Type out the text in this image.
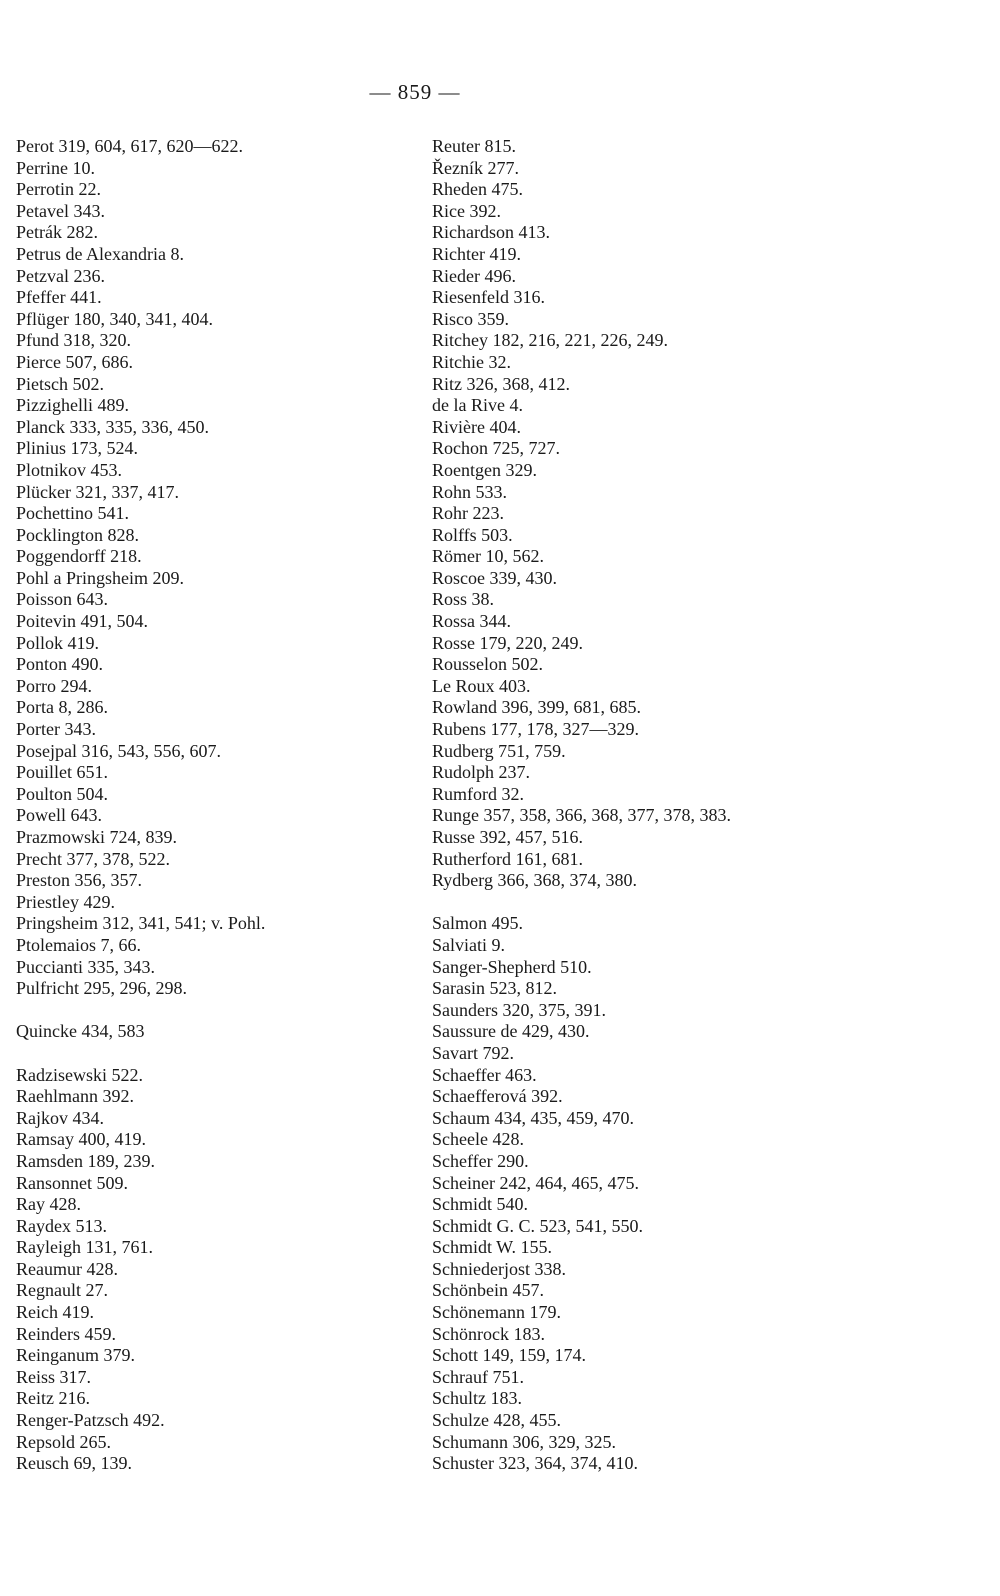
— 859 —
Perot 319, 604, 617, 620—622.
Perrine 10.
Perrotin 22.
Petavel 343.
Petrák 282.
Petrus de Alexandria 8.
Petzval 236.
Pfeffer 441.
Pflüger 180, 340, 341, 404.
Pfund 318, 320.
Pierce 507, 686.
Pietsch 502.
Pizzighelli 489.
Planck 333, 335, 336, 450.
Plinius 173, 524.
Plotnikov 453.
Plücker 321, 337, 417.
Pochettino 541.
Pocklington 828.
Poggendorff 218.
Pohl a Pringsheim 209.
Poisson 643.
Poitevin 491, 504.
Pollok 419.
Ponton 490.
Porro 294.
Porta 8, 286.
Porter 343.
Posejpal 316, 543, 556, 607.
Pouillet 651.
Poulton 504.
Powell 643.
Prazmowski 724, 839.
Precht 377, 378, 522.
Preston 356, 357.
Priestley 429.
Pringsheim 312, 341, 541; v. Pohl.
Ptolemaios 7, 66.
Puccianti 335, 343.
Pulfricht 295, 296, 298.
Quincke 434, 583
Radzisewski 522.
Raehlmann 392.
Rajkov 434.
Ramsay 400, 419.
Ramsden 189, 239.
Ransonnet 509.
Ray 428.
Raydex 513.
Rayleigh 131, 761.
Reaumur 428.
Regnault 27.
Reich 419.
Reinders 459.
Reinganum 379.
Reiss 317.
Reitz 216.
Renger-Patzsch 492.
Repsold 265.
Reusch 69, 139.
Reuter 815.
Řezník 277.
Rheden 475.
Rice 392.
Richardson 413.
Richter 419.
Rieder 496.
Riesenfeld 316.
Risco 359.
Ritchey 182, 216, 221, 226, 249.
Ritchie 32.
Ritz 326, 368, 412.
de la Rive 4.
Rivière 404.
Rochon 725, 727.
Roentgen 329.
Rohn 533.
Rohr 223.
Rolffs 503.
Römer 10, 562.
Roscoe 339, 430.
Ross 38.
Rossa 344.
Rosse 179, 220, 249.
Rousselon 502.
Le Roux 403.
Rowland 396, 399, 681, 685.
Rubens 177, 178, 327—329.
Rudberg 751, 759.
Rudolph 237.
Rumford 32.
Runge 357, 358, 366, 368, 377, 378, 383.
Russe 392, 457, 516.
Rutherford 161, 681.
Rydberg 366, 368, 374, 380.
Salmon 495.
Salviati 9.
Sanger-Shepherd 510.
Sarasin 523, 812.
Saunders 320, 375, 391.
Saussure de 429, 430.
Savart 792.
Schaeffer 463.
Schaefferová 392.
Schaum 434, 435, 459, 470.
Scheele 428.
Scheffer 290.
Scheiner 242, 464, 465, 475.
Schmidt 540.
Schmidt G. C. 523, 541, 550.
Schmidt W. 155.
Schniederjost 338.
Schönbein 457.
Schönemann 179.
Schönrock 183.
Schott 149, 159, 174.
Schrauf 751.
Schultz 183.
Schulze 428, 455.
Schumann 306, 329, 325.
Schuster 323, 364, 374, 410.
